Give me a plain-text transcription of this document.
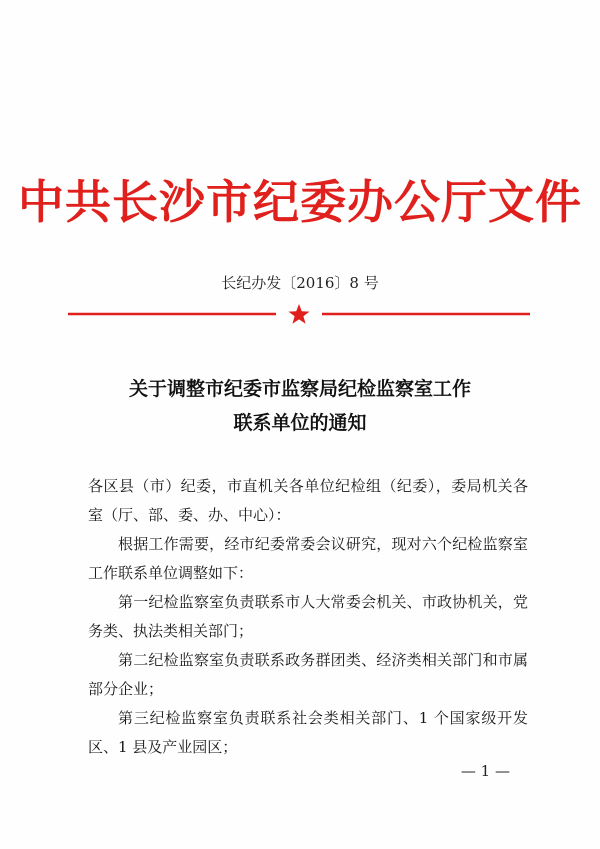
中共长沙市纪委办公厅文件
长纪办发〔2016〕8 号
关于调整市纪委市监察局纪检监察室工作
联系单位的通知

各区县（市）纪委，市直机关各单位纪检组（纪委），委局机关各室（厅、部、委、办、中心）：

根据工作需要，经市纪委常委会议研究，现对六个纪检监察室工作联系单位调整如下：

第一纪检监察室负责联系市人大常委会机关、市政协机关，党务类、执法类相关部门；

第二纪检监察室负责联系政务群团类、经济类相关部门和市属部分企业；

第三纪检监察室负责联系社会类相关部门、1 个国家级开发区、1 县及产业园区；

— 1 —
